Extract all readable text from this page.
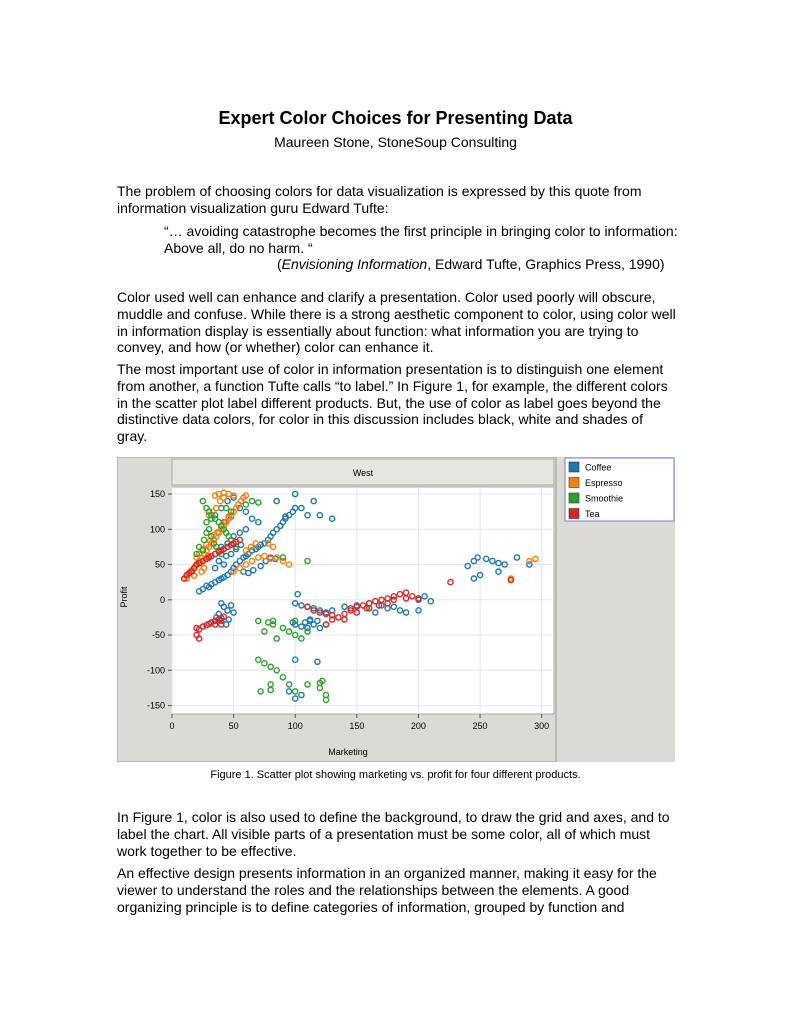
Expert Color Choices for Presenting Data
Maureen Stone, StoneSoup Consulting

The problem of choosing colors for data visualization is expressed by this quote from information visualization guru Edward Tufte:

“… avoiding catastrophe becomes the first principle in bringing color to information: Above all, do no harm. “
(Envisioning Information, Edward Tufte, Graphics Press, 1990)

Color used well can enhance and clarify a presentation. Color used poorly will obscure, muddle and confuse. While there is a strong aesthetic component to color, using color well in information display is essentially about function: what information you are trying to convey, and how (or whether) color can enhance it.

The most important use of color in information presentation is to distinguish one element from another, a function Tufte calls “to label.” In Figure 1, for example, the different colors in the scatter plot label different products. But, the use of color as label goes beyond the distinctive data colors, for color in this discussion includes black, white and shades of gray.

West
-150
-100
-50
0
50
100
150
0	50	100	150	200	250	300
Marketing
Profit
Coffee
Espresso
Smoothie
Tea
Figure 1. Scatter plot showing marketing vs. profit for four different products.

In Figure 1, color is also used to define the background, to draw the grid and axes, and to label the chart. All visible parts of a presentation must be some color, all of which must work together to be effective.

An effective design presents information in an organized manner, making it easy for the viewer to understand the roles and the relationships between the elements. A good organizing principle is to define categories of information, grouped by function and
